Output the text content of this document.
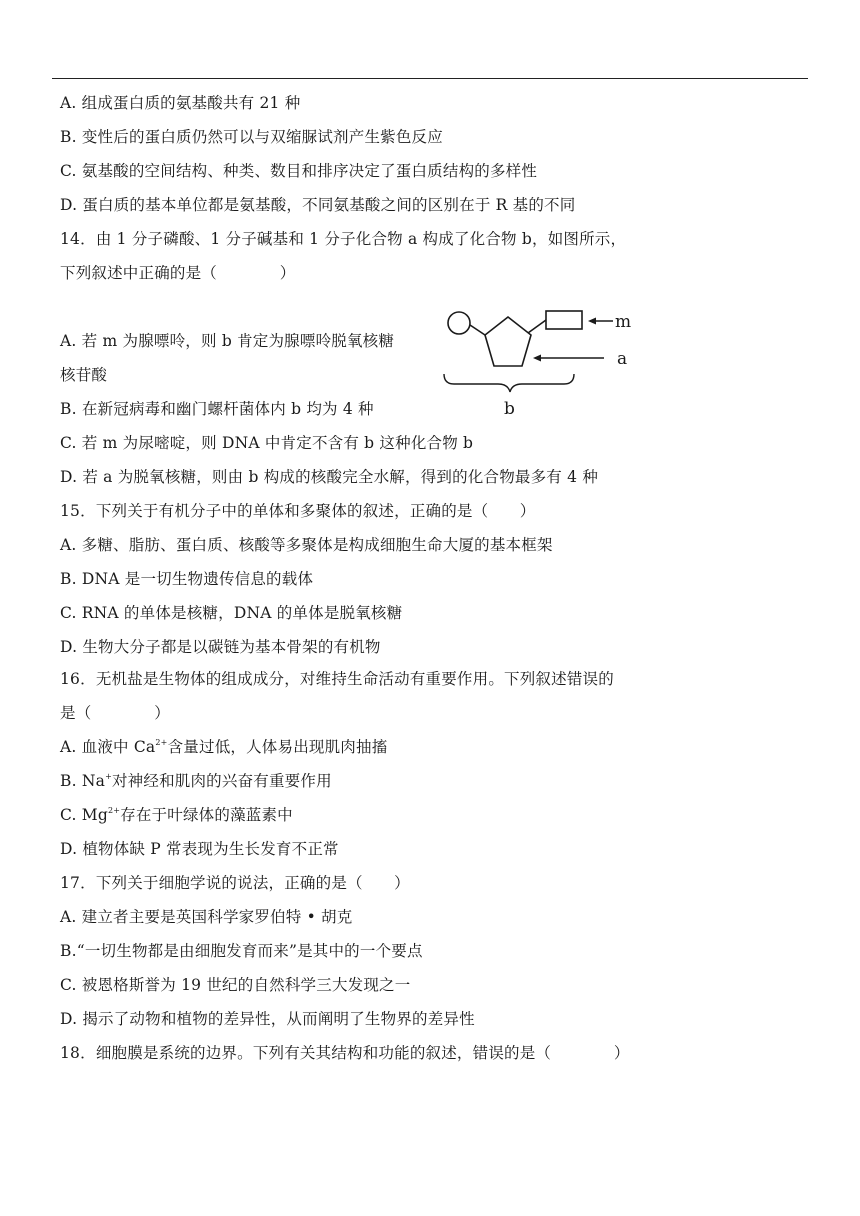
A. 组成蛋白质的氨基酸共有 21 种
B. 变性后的蛋白质仍然可以与双缩脲试剂产生紫色反应
C. 氨基酸的空间结构、种类、数目和排序决定了蛋白质结构的多样性
D. 蛋白质的基本单位都是氨基酸，不同氨基酸之间的区别在于 R 基的不同
14．由 1 分子磷酸、1 分子碱基和 1 分子化合物 a 构成了化合物 b，如图所示，
下列叙述中正确的是（　　　　）
A. 若 m 为腺嘌呤，则 b 肯定为腺嘌呤脱氧核糖
核苷酸
B. 在新冠病毒和幽门螺杆菌体内 b 均为 4 种
C. 若 m 为尿嘧啶，则 DNA 中肯定不含有 b 这种化合物 b
D. 若 a 为脱氧核糖，则由 b 构成的核酸完全水解，得到的化合物最多有 4 种
m
a
b
15．下列关于有机分子中的单体和多聚体的叙述，正确的是（　　）
A. 多糖、脂肪、蛋白质、核酸等多聚体是构成细胞生命大厦的基本框架
B. DNA 是一切生物遗传信息的载体
C. RNA 的单体是核糖，DNA 的单体是脱氧核糖
D. 生物大分子都是以碳链为基本骨架的有机物
16．无机盐是生物体的组成成分，对维持生命活动有重要作用。下列叙述错误的
是（　　　　）
A. 血液中 $Ca^{2+}$含量过低，人体易出现肌肉抽搐
B. Na+对神经和肌肉的兴奋有重要作用
C. $Mg^{2+}$存在于叶绿体的藻蓝素中
D. 植物体缺 P 常表现为生长发育不正常
17．下列关于细胞学说的说法，正确的是（　　）
A. 建立者主要是英国科学家罗伯特 • 胡克
B.“一切生物都是由细胞发育而来”是其中的一个要点
C. 被恩格斯誉为 19 世纪的自然科学三大发现之一
D. 揭示了动物和植物的差异性，从而阐明了生物界的差异性
18．细胞膜是系统的边界。下列有关其结构和功能的叙述，错误的是（　　　　）
